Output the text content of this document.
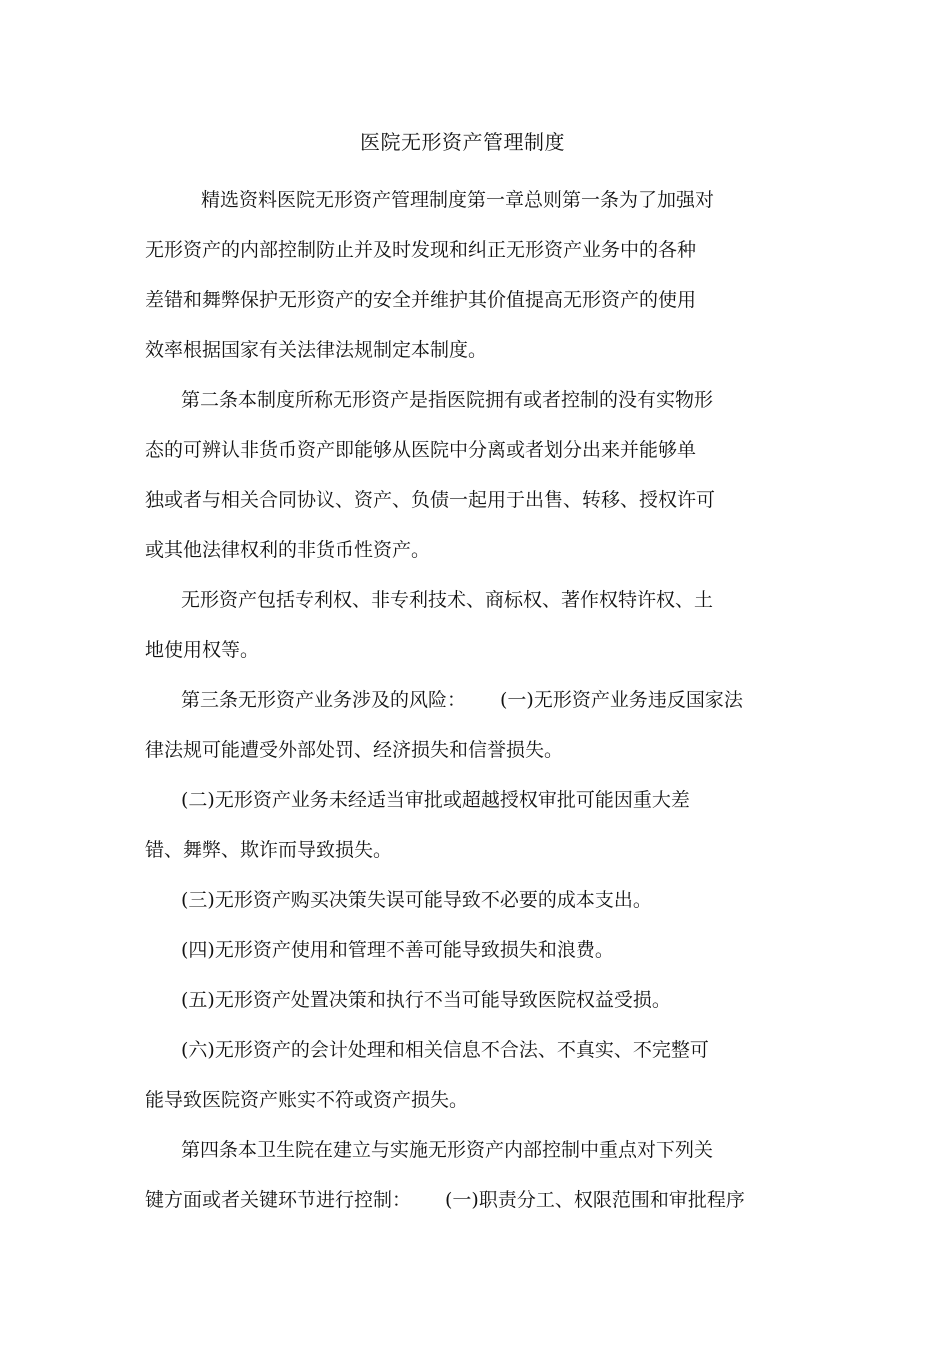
医院无形资产管理制度

精选资料医院无形资产管理制度第一章总则第一条为了加强对
无形资产的内部控制防止并及时发现和纠正无形资产业务中的各种
差错和舞弊保护无形资产的安全并维护其价值提高无形资产的使用
效率根据国家有关法律法规制定本制度。

第二条本制度所称无形资产是指医院拥有或者控制的没有实物形
态的可辨认非货币资产即能够从医院中分离或者划分出来并能够单
独或者与相关合同协议、资产、负债一起用于出售、转移、授权许可
或其他法律权利的非货币性资产。

无形资产包括专利权、非专利技术、商标权、著作权特许权、土
地使用权等。

第三条无形资产业务涉及的风险： (一)无形资产业务违反国家法
律法规可能遭受外部处罚、经济损失和信誉损失。

(二)无形资产业务未经适当审批或超越授权审批可能因重大差
错、舞弊、欺诈而导致损失。

(三)无形资产购买决策失误可能导致不必要的成本支出。

(四)无形资产使用和管理不善可能导致损失和浪费。

(五)无形资产处置决策和执行不当可能导致医院权益受损。

(六)无形资产的会计处理和相关信息不合法、不真实、不完整可
能导致医院资产账实不符或资产损失。

第四条本卫生院在建立与实施无形资产内部控制中重点对下列关
键方面或者关键环节进行控制： (一)职责分工、权限范围和审批程序
